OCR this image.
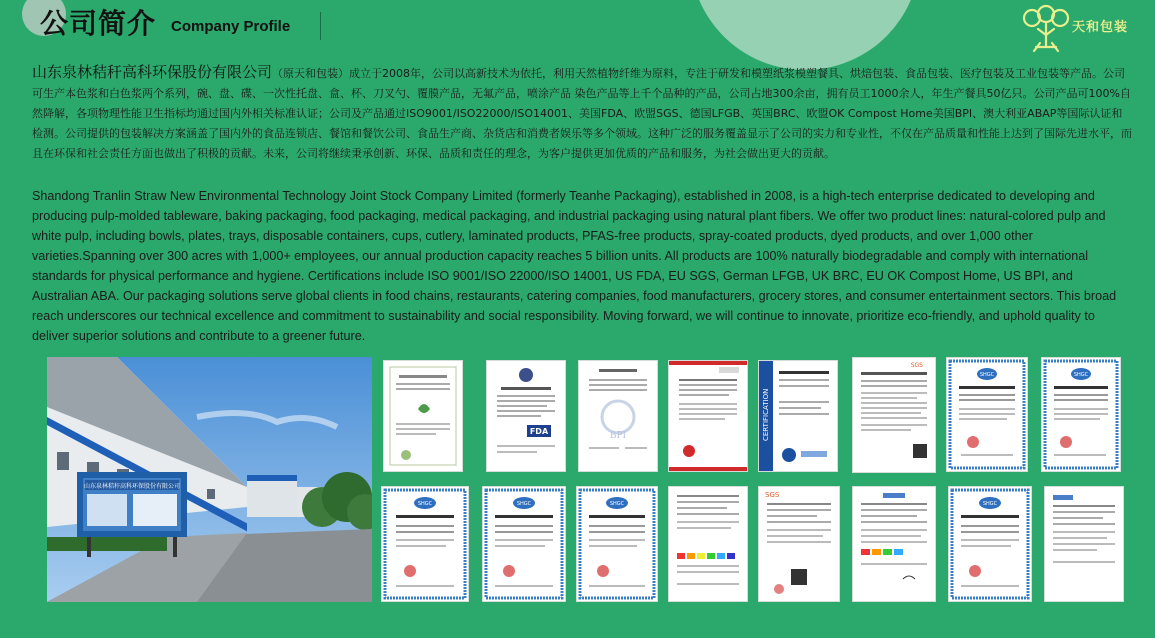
公司简介 Company Profile	天和包装
山东泉林秸秆高科环保股份有限公司（原天和包装）成立于2008年，公司以高新技术为依托，利用天然植物纤维为原料，专注于研发和模塑纸浆模塑餐具、烘焙包装、食品包装、医疗包装及工业包装等产品。公司可生产本色浆和白色浆两个系列，碗、盘、碟、一次性托盘、盒、杯、刀叉勺、覆膜产品，无氟产品，喷涂产品 染色产品等上千个品种的产品，公司占地300余亩，拥有员工1000余人，年生产餐具50亿只。公司产品可100%自然降解，各项物理性能卫生指标均通过国内外相关标准认证；公司及产品通过ISO9001/ISO22000/ISO14001、美国FDA、欧盟SGS、德国LFGB、英国BRC、欧盟OK Compost Home美国BPI、澳大利亚ABAP等国际认证和检测。公司提供的包装解决方案涵盖了国内外的食品连锁店、餐馆和餐饮公司、食品生产商、杂货店和消费者娱乐等多个领域。这种广泛的服务覆盖显示了公司的实力和专业性，不仅在产品质量和性能上达到了国际先进水平，而且在环保和社会责任方面也做出了积极的贡献。未来，公司将继续秉承创新、环保、品质和责任的理念，为客户提供更加优质的产品和服务，为社会做出更大的贡献。
Shandong Tranlin Straw New Environmental Technology Joint Stock Company Limited (formerly Teanhe Packaging), established in 2008, is a high-tech enterprise dedicated to developing and producing pulp-molded tableware, baking packaging, food packaging, medical packaging, and industrial packaging using natural plant fibers. We offer two product lines: natural-colored pulp and white pulp, including bowls, plates, trays, disposable containers, cups, cutlery, laminated products, PFAS-free products, spray-coated products, dyed products, and over 1,000 other varieties.Spanning over 300 acres with 1,000+ employees, our annual production capacity reaches 5 billion units. All products are 100% naturally biodegradable and comply with international standards for physical performance and hygiene. Certifications include ISO 9001/ISO 22000/ISO 14001, US FDA, EU SGS, German LFGB, UK BRC, EU OK Compost Home, US BPI, and Australian ABA. Our packaging solutions serve global clients in food chains, restaurants, catering companies, food manufacturers, grocery stores, and consumer entertainment sectors. This broad reach underscores our technical excellence and commitment to sustainability and social responsibility. Moving forward, we will continue to innovate, prioritize eco-friendly, and uphold quality to deliver superior solutions and contribute to a greener future.
山东泉林秸秆高科环保股份有限公司
FDA	BPI	CERTIFICATION
SGS
SHGC	SHGC
SHGC	SHGC	SHGC
SGS
SHGC
